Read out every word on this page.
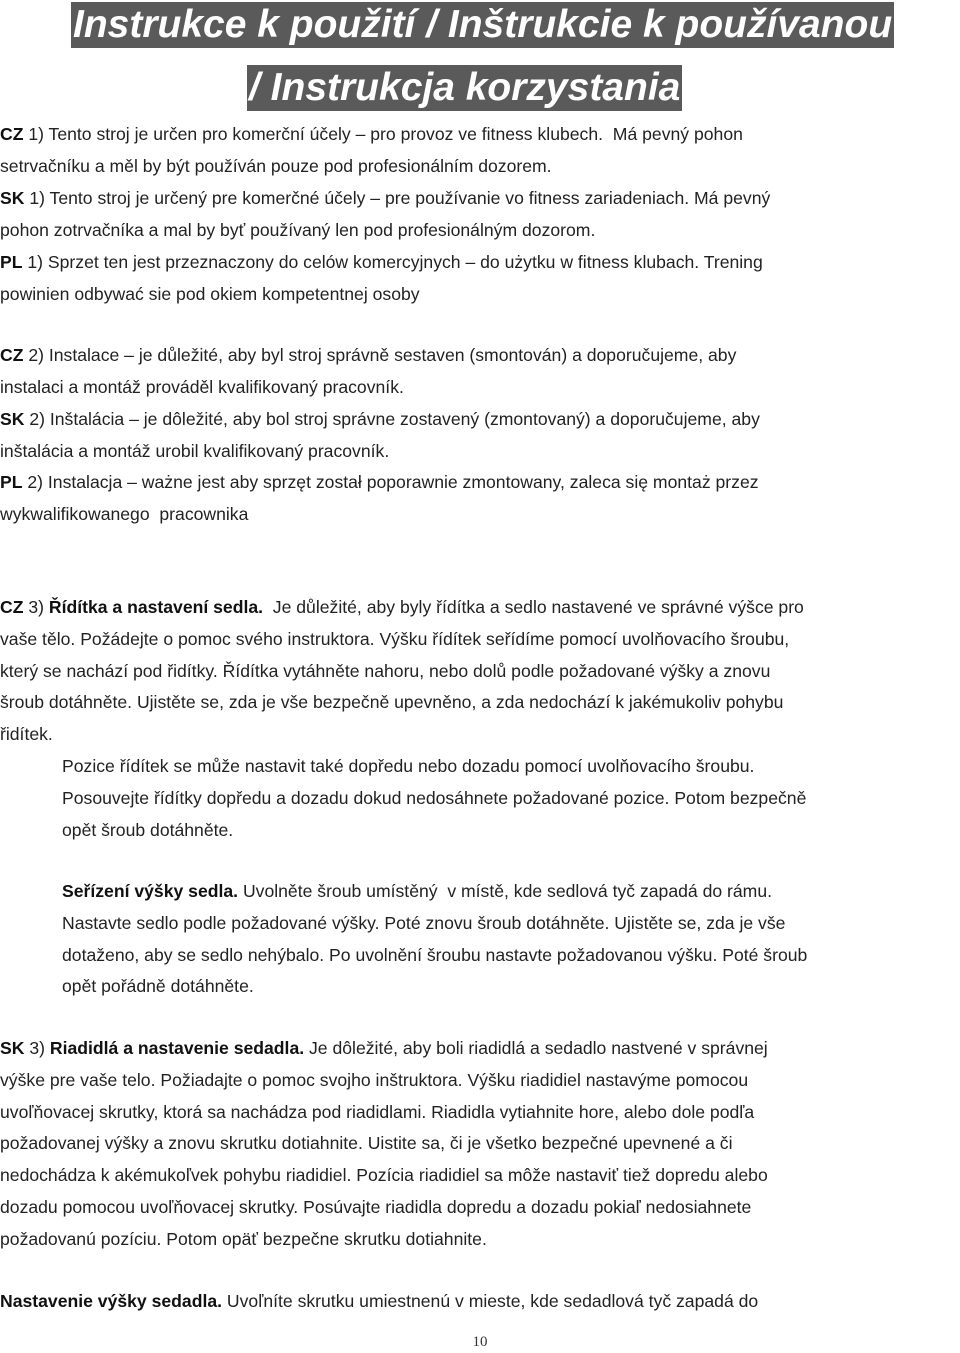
Instrukce k použití / Inštrukcie k používanou
/ Instrukcja korzystania

CZ 1) Tento stroj je určen pro komerční účely – pro provoz ve fitness klubech.  Má pevný pohon
setrvačníku a měl by být používán pouze pod profesionálním dozorem.

SK 1) Tento stroj je určený pre komerčné účely – pre používanie vo fitness zariadeniach. Má pevný
pohon zotrvačníka a mal by byť používaný len pod profesionálným dozorom.

PL 1) Sprzet ten jest przeznaczony do celów komercyjnych – do użytku w fitness klubach. Trening
powinien odbywać sie pod okiem kompetentnej osoby

CZ 2) Instalace – je důležité, aby byl stroj správně sestaven (smontován) a doporučujeme, aby
instalaci a montáž prováděl kvalifikovaný pracovník.

SK 2) Inštalácia – je dôležité, aby bol stroj správne zostavený (zmontovaný) a doporučujeme, aby
inštalácia a montáž urobil kvalifikovaný pracovník.

PL 2) Instalacja – ważne jest aby sprzęt został poporawnie zmontowany, zaleca się montaż przez
wykwalifikowanego  pracownika

CZ 3) Řídítka a nastavení sedla.  Je důležité, aby byly řídítka a sedlo nastavené ve správné výšce pro
vaše tělo. Požádejte o pomoc svého instruktora. Výšku řídítek seřídíme pomocí uvolňovacího šroubu,
který se nachází pod řidítky. Řídítka vytáhněte nahoru, nebo dolů podle požadované výšky a znovu
šroub dotáhněte. Ujistěte se, zda je vše bezpečně upevněno, a zda nedochází k jakémukoliv pohybu
řidítek.

Pozice řídítek se může nastavit také dopředu nebo dozadu pomocí uvolňovacího šroubu.
Posouvejte řídítky dopředu a dozadu dokud nedosáhnete požadované pozice. Potom bezpečně
opět šroub dotáhněte.

Seřízení výšky sedla. Uvolněte šroub umístěný  v místě, kde sedlová tyč zapadá do rámu.
Nastavte sedlo podle požadované výšky. Poté znovu šroub dotáhněte. Ujistěte se, zda je vše
dotaženo, aby se sedlo nehýbalo. Po uvolnění šroubu nastavte požadovanou výšku. Poté šroub
opět pořádně dotáhněte.

SK 3) Riadidlá a nastavenie sedadla. Je dôležité, aby boli riadidlá a sedadlo nastvené v správnej
výške pre vaše telo. Požiadajte o pomoc svojho inštruktora. Výšku riadidiel nastavýme pomocou
uvoľňovacej skrutky, ktorá sa nachádza pod riadidlami. Riadidla vytiahnite hore, alebo dole podľa
požadovanej výšky a znovu skrutku dotiahnite. Uistite sa, či je všetko bezpečné upevnené a či
nedochádza k akémukoľvek pohybu riadidiel. Pozícia riadidiel sa môže nastaviť tiež dopredu alebo
dozadu pomocou uvoľňovacej skrutky. Posúvajte riadidla dopredu a dozadu pokiaľ nedosiahnete
požadovanú pozíciu. Potom opäť bezpečne skrutku dotiahnite.

Nastavenie výšky sedadla. Uvoľníte skrutku umiestnenú v mieste, kde sedadlová tyč zapadá do

10
